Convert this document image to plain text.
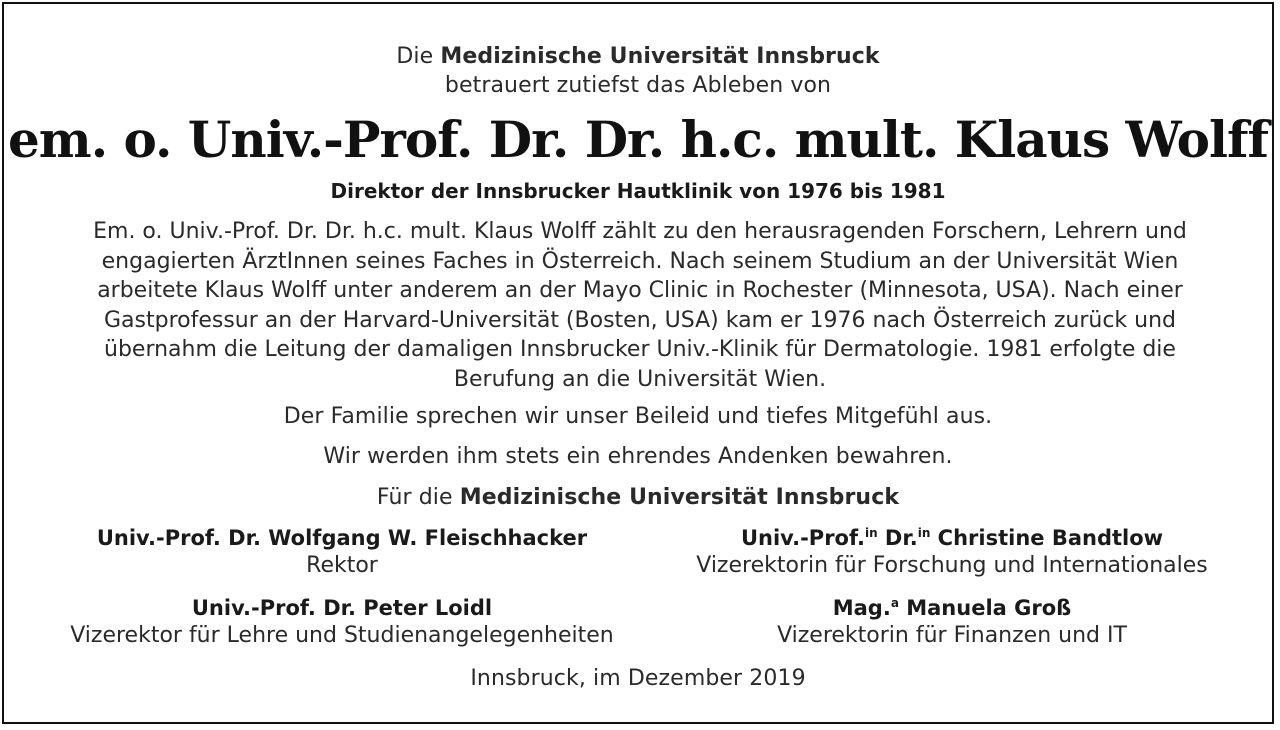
Die Medizinische Universität Innsbruck
betrauert zutiefst das Ableben von
em. o. Univ.-Prof. Dr. Dr. h.c. mult. Klaus Wolff
Direktor der Innsbrucker Hautklinik von 1976 bis 1981
Em. o. Univ.-Prof. Dr. Dr. h.c. mult. Klaus Wolff zählt zu den herausragenden Forschern, Lehrern und
engagierten ÄrztInnen seines Faches in Österreich. Nach seinem Studium an der Universität Wien
arbeitete Klaus Wolff unter anderem an der Mayo Clinic in Rochester (Minnesota, USA). Nach einer
Gastprofessur an der Harvard-Universität (Bosten, USA) kam er 1976 nach Österreich zurück und
übernahm die Leitung der damaligen Innsbrucker Univ.-Klinik für Dermatologie. 1981 erfolgte die
Berufung an die Universität Wien.
Der Familie sprechen wir unser Beileid und tiefes Mitgefühl aus.
Wir werden ihm stets ein ehrendes Andenken bewahren.
Für die Medizinische Universität Innsbruck
Univ.-Prof. Dr. Wolfgang W. Fleischhacker
Rektor
Univ.-Prof.$^{in}$ Dr.$^{in}$ Christine Bandtlow
Vizerektorin für Forschung und Internationales
Univ.-Prof. Dr. Peter Loidl
Vizerektor für Lehre und Studienangelegenheiten
Mag.$^a$ Manuela Groß
Vizerektorin für Finanzen und IT
Innsbruck, im Dezember 2019
